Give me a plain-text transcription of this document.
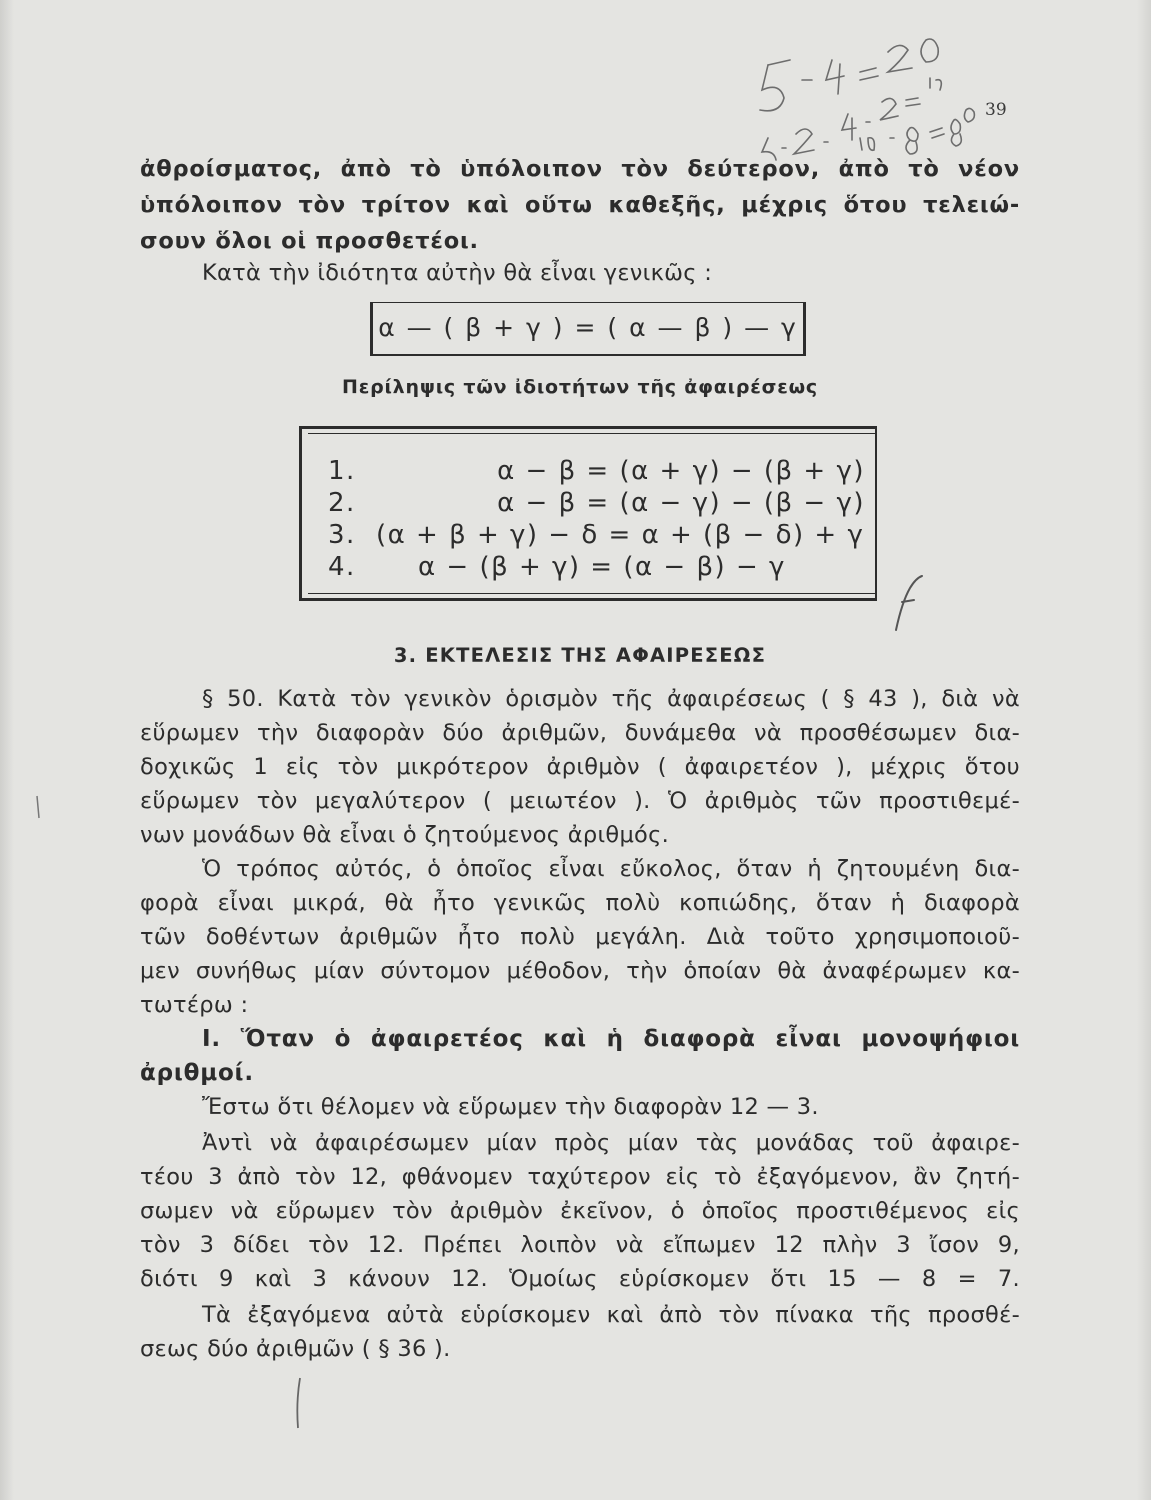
39
ἀθροίσματος, ἀπὸ τὸ ὑπόλοιπον τὸν δεύτερον, ἀπὸ τὸ νέον
ὑπόλοιπον τὸν τρίτον καὶ οὕτω καθεξῆς, μέχρις ὅτου τελειώ-
σουν ὅλοι οἱ προσθετέοι.
Κατὰ τὴν ἰδιότητα αὐτὴν θὰ εἶναι γενικῶς :
α — ( β + γ ) = ( α — β ) — γ
Περίληψις τῶν ἰδιοτήτων τῆς ἀφαιρέσεως
1.	α − β = (α + γ) − (β + γ)
2.	α − β = (α − γ) − (β − γ)
3. (α + β + γ) − δ = α + (β − δ) + γ
4. α − (β + γ) = (α − β) − γ
3. ΕΚΤΕΛΕΣΙΣ ΤΗΣ ΑΦΑΙΡΕΣΕΩΣ
§ 50. Κατὰ τὸν γενικὸν ὁρισμὸν τῆς ἀφαιρέσεως ( § 43 ), διὰ νὰ
εὕρωμεν τὴν διαφορὰν δύο ἀριθμῶν, δυνάμεθα νὰ προσθέσωμεν δια-
δοχικῶς 1 εἰς τὸν μικρότερον ἀριθμὸν ( ἀφαιρετέον ), μέχρις ὅτου
εὕρωμεν τὸν μεγαλύτερον ( μειωτέον ). Ὁ ἀριθμὸς τῶν προστιθεμέ-
νων μονάδων θὰ εἶναι ὁ ζητούμενος ἀριθμός.
Ὁ τρόπος αὐτός, ὁ ὁποῖος εἶναι εὔκολος, ὅταν ἡ ζητουμένη δια-
φορὰ εἶναι μικρά, θὰ ἦτο γενικῶς πολὺ κοπιώδης, ὅταν ἡ διαφορὰ
τῶν δοθέντων ἀριθμῶν ἦτο πολὺ μεγάλη. Διὰ τοῦτο χρησιμοποιοῦ-
μεν συνήθως μίαν σύντομον μέθοδον, τὴν ὁποίαν θὰ ἀναφέρωμεν κα-
τωτέρω :
Ι. Ὅταν ὁ ἀφαιρετέος καὶ ἡ διαφορὰ εἶναι μονοψήφιοι
ἀριθμοί.
Ἔστω ὅτι θέλομεν νὰ εὕρωμεν τὴν διαφορὰν 12 — 3.
Ἀντὶ νὰ ἀφαιρέσωμεν μίαν πρὸς μίαν τὰς μονάδας τοῦ ἀφαιρε-
τέου 3 ἀπὸ τὸν 12, φθάνομεν ταχύτερον εἰς τὸ ἐξαγόμενον, ἂν ζητή-
σωμεν νὰ εὕρωμεν τὸν ἀριθμὸν ἐκεῖνον, ὁ ὁποῖος προστιθέμενος εἰς
τὸν 3 δίδει τὸν 12. Πρέπει λοιπὸν νὰ εἴπωμεν 12 πλὴν 3 ἴσον 9,
διότι 9 καὶ 3 κάνουν 12. Ὁμοίως εὑρίσκομεν ὅτι 15 — 8 = 7.
Τὰ ἐξαγόμενα αὐτὰ εὑρίσκομεν καὶ ἀπὸ τὸν πίνακα τῆς προσθέ-
σεως δύο ἀριθμῶν ( § 36 ).
